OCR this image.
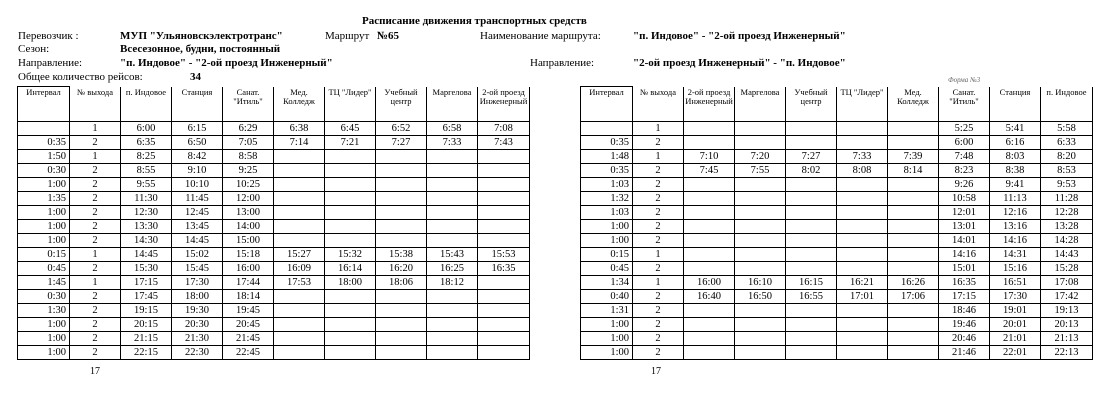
Расписание движения транспортных средств
Перевозчик :	МУП "Ульяновскэлектротранс"	Маршрут №65	Наименование маршрута:	"п. Индовое" - "2-ой проезд Инженерный"
Сезон:	Всесезонное, будни, постоянный
Направление:	"п. Индовое" - "2-ой проезд Инженерный"	Направление:	"2-ой проезд Инженерный" - "п. Индовое"
Общее количество рейсов:	34	Форма №3
Интервал	№ выхода	п. Индовое	Станция	Санат. "Итиль"	Мед. Колледж	ТЦ "Лидер"	Учебный центр	Маргелова	2-ой проезд Инженерный
	1	6:00	6:15	6:29	6:38	6:45	6:52	6:58	7:08
0:35	2	6:35	6:50	7:05	7:14	7:21	7:27	7:33	7:43
1:50	1	8:25	8:42	8:58					
0:30	2	8:55	9:10	9:25					
1:00	2	9:55	10:10	10:25					
1:35	2	11:30	11:45	12:00					
1:00	2	12:30	12:45	13:00					
1:00	2	13:30	13:45	14:00					
1:00	2	14:30	14:45	15:00					
0:15	1	14:45	15:02	15:18	15:27	15:32	15:38	15:43	15:53
0:45	2	15:30	15:45	16:00	16:09	16:14	16:20	16:25	16:35
1:45	1	17:15	17:30	17:44	17:53	18:00	18:06	18:12	
0:30	2	17:45	18:00	18:14					
1:30	2	19:15	19:30	19:45					
1:00	2	20:15	20:30	20:45					
1:00	2	21:15	21:30	21:45					
1:00	2	22:15	22:30	22:45					
17
Интервал	№ выхода	2-ой проезд Инженерный	Маргелова	Учебный центр	ТЦ "Лидер"	Мед. Колледж	Санат. "Итиль"	Станция	п. Индовое
	1						5:25	5:41	5:58
0:35	2						6:00	6:16	6:33
1:48	1	7:10	7:20	7:27	7:33	7:39	7:48	8:03	8:20
0:35	2	7:45	7:55	8:02	8:08	8:14	8:23	8:38	8:53
1:03	2						9:26	9:41	9:53
1:32	2						10:58	11:13	11:28
1:03	2						12:01	12:16	12:28
1:00	2						13:01	13:16	13:28
1:00	2						14:01	14:16	14:28
0:15	1						14:16	14:31	14:43
0:45	2						15:01	15:16	15:28
1:34	1	16:00	16:10	16:15	16:21	16:26	16:35	16:51	17:08
0:40	2	16:40	16:50	16:55	17:01	17:06	17:15	17:30	17:42
1:31	2						18:46	19:01	19:13
1:00	2						19:46	20:01	20:13
1:00	2						20:46	21:01	21:13
1:00	2						21:46	22:01	22:13
17
